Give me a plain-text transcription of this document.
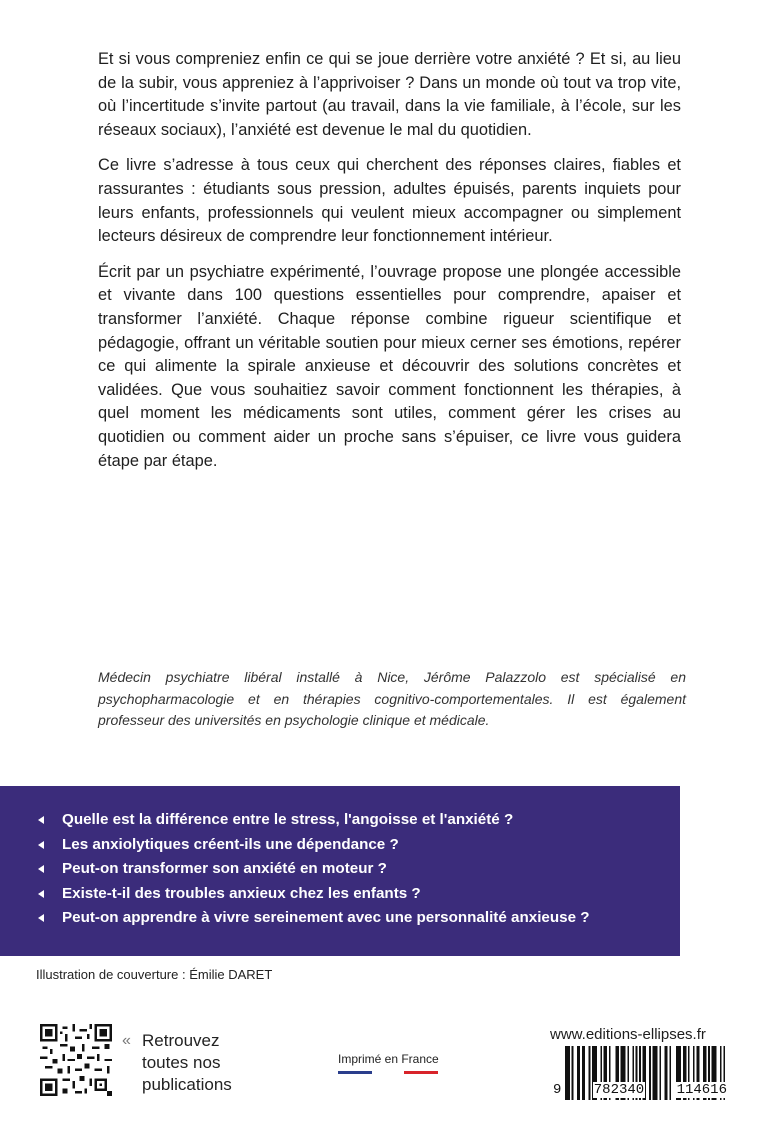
Et si vous compreniez enfin ce qui se joue derrière votre anxiété ? Et si, au lieu de la subir, vous appreniez à l’apprivoiser ? Dans un monde où tout va trop vite, où l’incertitude s’invite partout (au travail, dans la vie familiale, à l’école, sur les réseaux sociaux), l’anxiété est devenue le mal du quotidien.

Ce livre s’adresse à tous ceux qui cherchent des réponses claires, fiables et rassurantes : étudiants sous pression, adultes épuisés, parents inquiets pour leurs enfants, professionnels qui veulent mieux accompagner ou simplement lecteurs désireux de comprendre leur fonctionnement intérieur.

Écrit par un psychiatre expérimenté, l’ouvrage propose une plongée accessible et vivante dans 100 questions essentielles pour comprendre, apaiser et transformer l’anxiété. Chaque réponse combine rigueur scientifique et pédagogie, offrant un véritable soutien pour mieux cerner ses émotions, repérer ce qui alimente la spirale anxieuse et découvrir des solutions concrètes et validées. Que vous souhaitiez savoir comment fonctionnent les thérapies, à quel moment les médicaments sont utiles, comment gérer les crises au quotidien ou comment aider un proche sans s’épuiser, ce livre vous guidera étape par étape.

Médecin psychiatre libéral installé à Nice, Jérôme Palazzolo est spécialisé en psychopharmacologie et en thérapies cognitivo-comportementales. Il est également professeur des universités en psychologie clinique et médicale.
Quelle est la différence entre le stress, l'angoisse et l'anxiété ?
Les anxiolytiques créent-ils une dépendance ?
Peut-on transformer son anxiété en moteur ?
Existe-t-il des troubles anxieux chez les enfants ?
Peut-on apprendre à vivre sereinement avec une personnalité anxieuse ?
Illustration de couverture : Émilie DARET
« Retrouvez
toutes nos
publications
Imprimé en France
www.editions-ellipses.fr
9 782340 114616
